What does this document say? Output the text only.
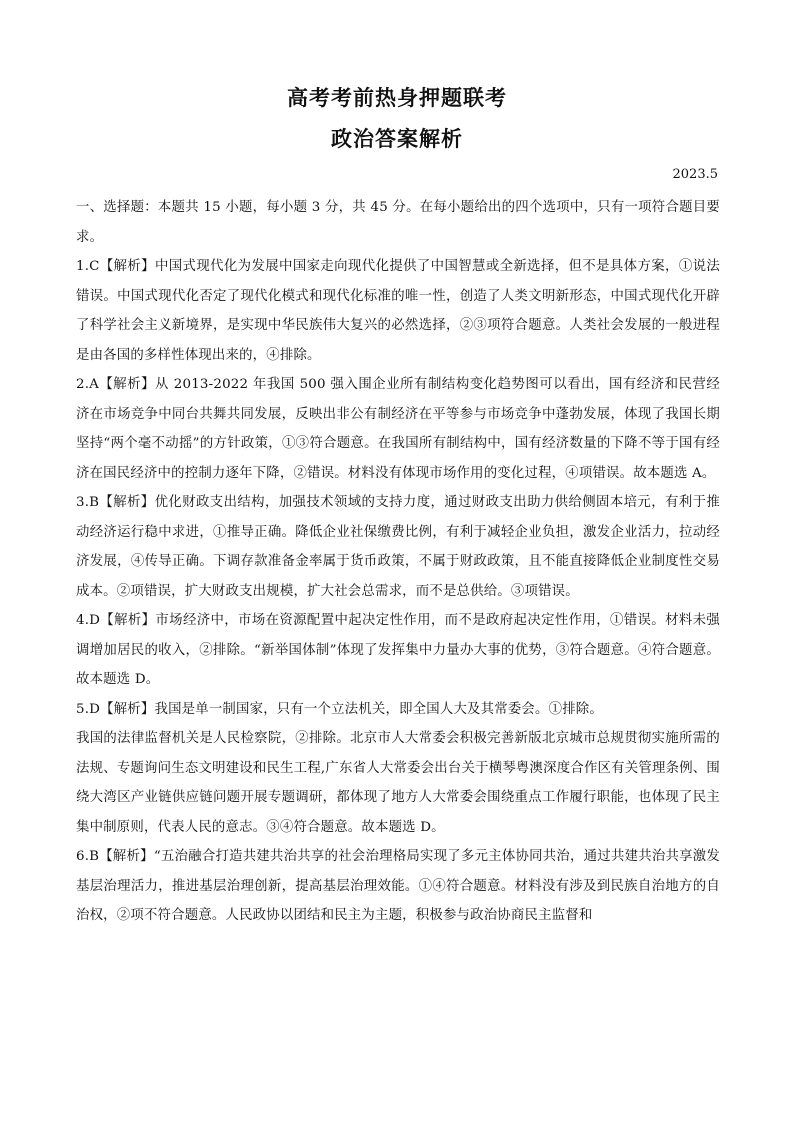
高考考前热身押题联考
政治答案解析
2023.5

一、选择题：本题共 15 小题，每小题 3 分，共 45 分。在每小题给出的四个选项中，只有一项符合题目要求。

1.C【解析】中国式现代化为发展中国家走向现代化提供了中国智慧或全新选择，但不是具体方案，①说法错误。中国式现代化否定了现代化模式和现代化标准的唯一性，创造了人类文明新形态，中国式现代化开辟了科学社会主义新境界，是实现中华民族伟大复兴的必然选择，②③项符合题意。人类社会发展的一般进程是由各国的多样性体现出来的，④排除。

2.A【解析】从 2013-2022 年我国 500 强入围企业所有制结构变化趋势图可以看出，国有经济和民营经济在市场竞争中同台共舞共同发展，反映出非公有制经济在平等参与市场竞争中蓬勃发展，体现了我国长期坚持“两个毫不动摇”的方针政策，①③符合题意。在我国所有制结构中，国有经济数量的下降不等于国有经济在国民经济中的控制力逐年下降，②错误。材料没有体现市场作用的变化过程，④项错误。故本题选 A。

3.B【解析】优化财政支出结构，加强技术领域的支持力度，通过财政支出助力供给侧固本培元，有利于推动经济运行稳中求进，①推导正确。降低企业社保缴费比例，有利于减轻企业负担，激发企业活力，拉动经济发展，④传导正确。下调存款准备金率属于货币政策，不属于财政政策，且不能直接降低企业制度性交易成本。②项错误，扩大财政支出规模，扩大社会总需求，而不是总供给。③项错误。

4.D【解析】市场经济中，市场在资源配置中起决定性作用，而不是政府起决定性作用，①错误。材料未强调增加居民的收入，②排除。“新举国体制”体现了发挥集中力量办大事的优势，③符合题意。④符合题意。故本题选 D。

5.D【解析】我国是单一制国家，只有一个立法机关，即全国人大及其常委会。①排除。

我国的法律监督机关是人民检察院，②排除。北京市人大常委会积极完善新版北京城市总规贯彻实施所需的法规、专题询问生态文明建设和民生工程,广东省人大常委会出台关于横琴粤澳深度合作区有关管理条例、围绕大湾区产业链供应链问题开展专题调研，都体现了地方人大常委会围绕重点工作履行职能，也体现了民主集中制原则，代表人民的意志。③④符合题意。故本题选 D。

6.B【解析】“五治融合打造共建共治共享的社会治理格局实现了多元主体协同共治，通过共建共治共享激发基层治理活力，推进基层治理创新，提高基层治理效能。①④符合题意。材料没有涉及到民族自治地方的自治权，②项不符合题意。人民政协以团结和民主为主题，积极参与政治协商民主监督和
